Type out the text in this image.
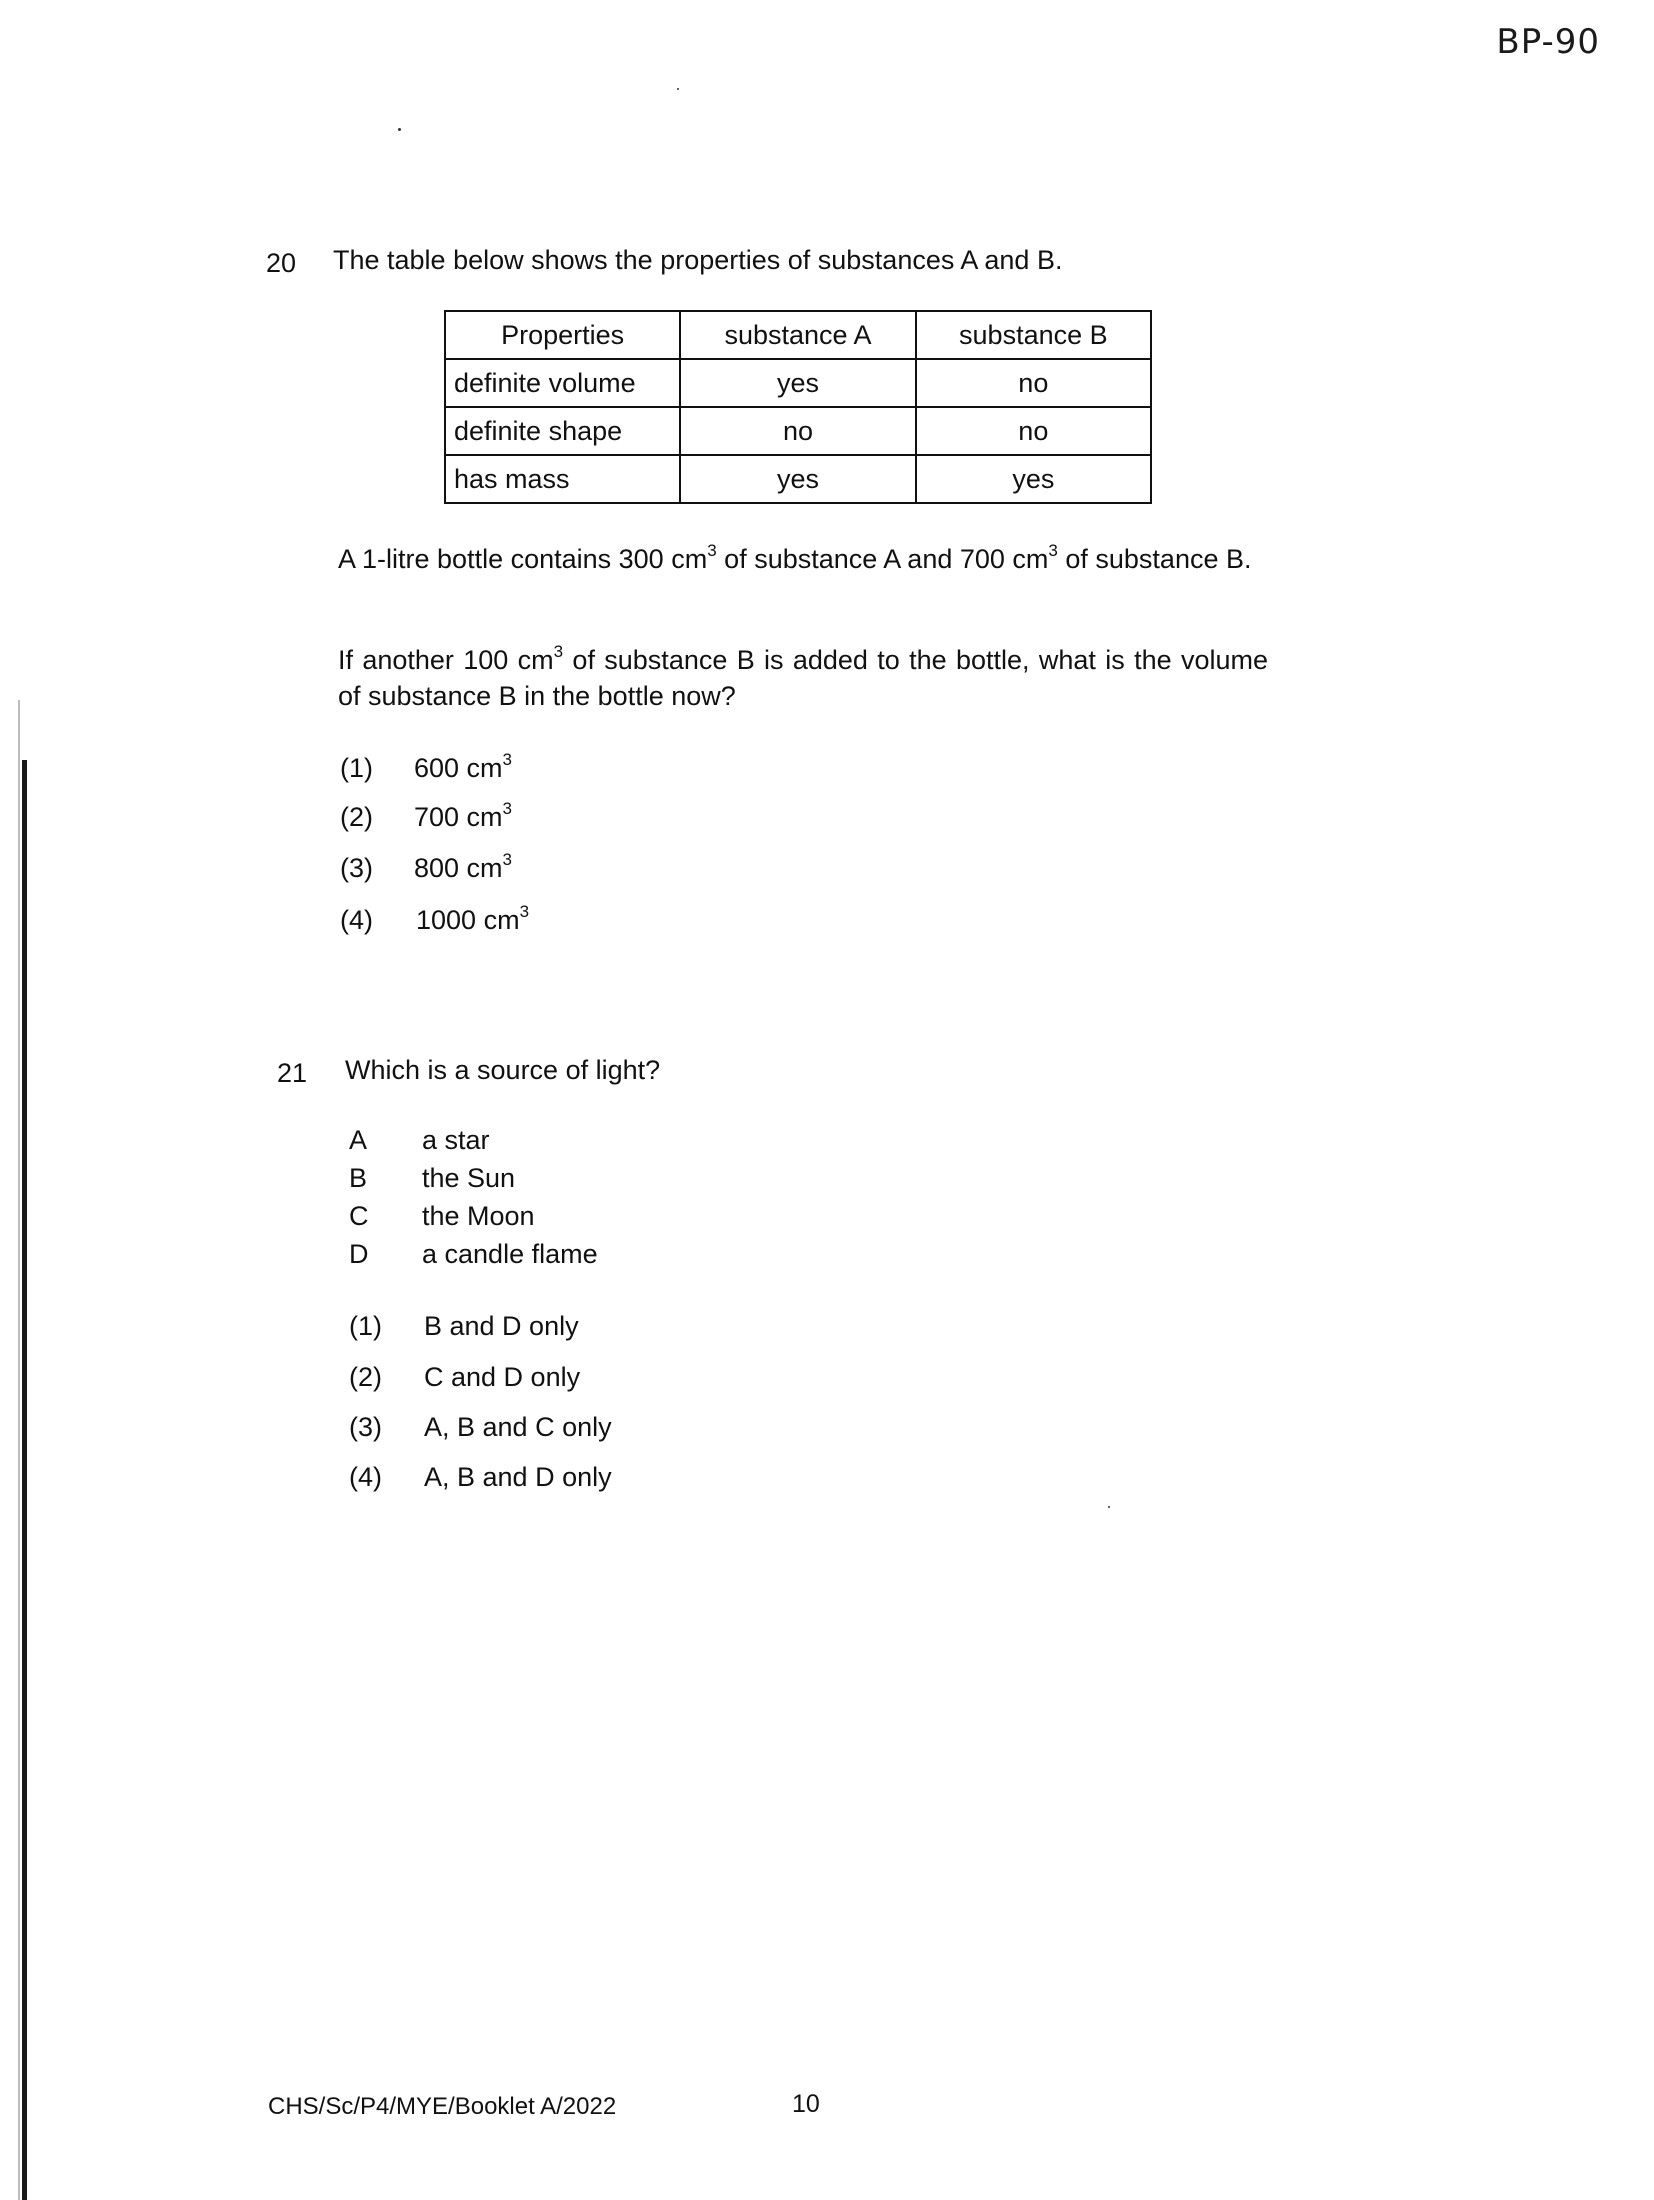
BP-90
20 The table below shows the properties of substances A and B.
Properties	substance A	substance B
definite volume	yes	no
definite shape	no	no
has mass	yes	yes
A 1-litre bottle contains 300 $cm^3$ of substance A and 700 $cm^3$ of substance B.
If another 100 $cm^3$ of substance B is added to the bottle, what is the volume of substance B in the bottle now?
(1) 600 $cm^3$
(2) 700 $cm^3$
(3) 800 $cm^3$
(4) 1000 $cm^3$
21 Which is a source of light?
A a star
B the Sun
C the Moon
D a candle flame
(1) B and D only
(2) C and D only
(3) A, B and C only
(4) A, B and D only
CHS/Sc/P4/MYE/Booklet A/2022	10
